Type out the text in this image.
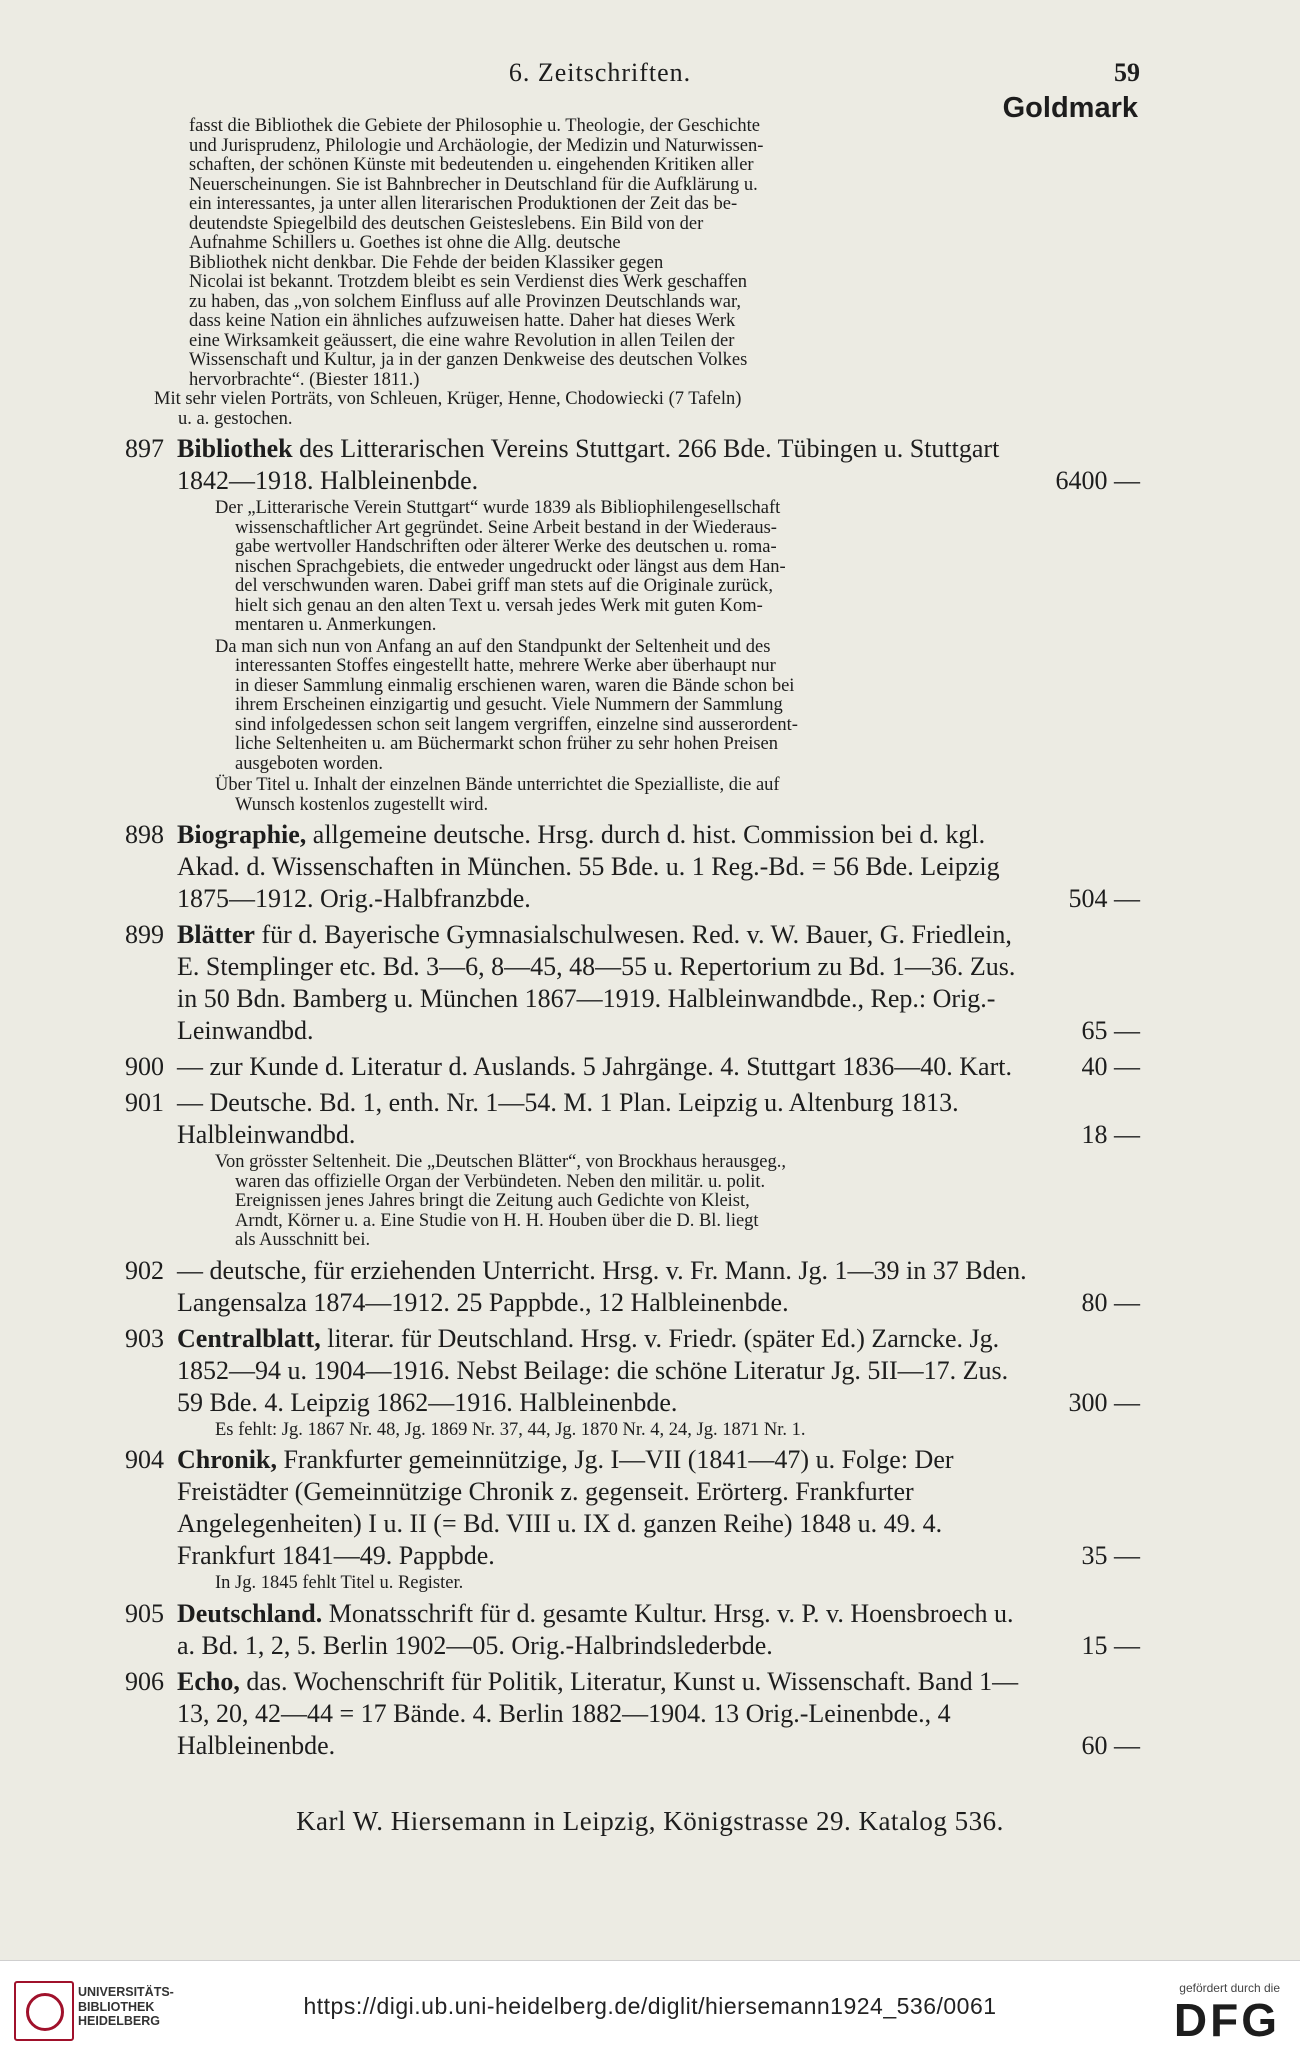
6. Zeitschriften.	59
Goldmark

fasst die Bibliothek die Gebiete der Philosophie u. Theologie, der Geschichte

und Jurisprudenz, Philologie und Archäologie, der Medizin und Naturwissen-

schaften, der schönen Künste mit bedeutenden u. eingehenden Kritiken aller

Neuerscheinungen. Sie ist Bahnbrecher in Deutschland für die Aufklärung u.

ein interessantes, ja unter allen literarischen Produktionen der Zeit das be-

deutendste Spiegelbild des deutschen Geisteslebens. Ein Bild von der

Aufnahme Schillers u. Goethes ist ohne die Allg. deutsche

Bibliothek nicht denkbar. Die Fehde der beiden Klassiker gegen

Nicolai ist bekannt. Trotzdem bleibt es sein Verdienst dies Werk geschaffen

zu haben, das „von solchem Einfluss auf alle Provinzen Deutschlands war,

dass keine Nation ein ähnliches aufzuweisen hatte. Daher hat dieses Werk

eine Wirksamkeit geäussert, die eine wahre Revolution in allen Teilen der

Wissenschaft und Kultur, ja in der ganzen Denkweise des deutschen Volkes

hervorbrachte“. (Biester 1811.)

Mit sehr vielen Porträts, von Schleuen, Krüger, Henne, Chodowiecki (7 Tafeln)

u. a. gestochen.

897 Bibliothek des Litterarischen Vereins Stuttgart. 266 Bde. Tübingen u. Stuttgart 1842—1918. Halbleinenbde.	6400 —

Der „Litterarische Verein Stuttgart“ wurde 1839 als Bibliophilengesellschaft

wissenschaftlicher Art gegründet. Seine Arbeit bestand in der Wiederaus-

gabe wertvoller Handschriften oder älterer Werke des deutschen u. roma-

nischen Sprachgebiets, die entweder ungedruckt oder längst aus dem Han-

del verschwunden waren. Dabei griff man stets auf die Originale zurück,

hielt sich genau an den alten Text u. versah jedes Werk mit guten Kom-

mentaren u. Anmerkungen.

Da man sich nun von Anfang an auf den Standpunkt der Seltenheit und des

interessanten Stoffes eingestellt hatte, mehrere Werke aber überhaupt nur

in dieser Sammlung einmalig erschienen waren, waren die Bände schon bei

ihrem Erscheinen einzigartig und gesucht. Viele Nummern der Sammlung

sind infolgedessen schon seit langem vergriffen, einzelne sind ausserordent-

liche Seltenheiten u. am Büchermarkt schon früher zu sehr hohen Preisen

ausgeboten worden.

Über Titel u. Inhalt der einzelnen Bände unterrichtet die Spezialliste, die auf

Wunsch kostenlos zugestellt wird.

898 Biographie, allgemeine deutsche. Hrsg. durch d. hist. Commission bei d. kgl. Akad. d. Wissenschaften in München. 55 Bde. u. 1 Reg.-Bd. = 56 Bde. Leipzig 1875—1912. Orig.-Halbfranzbde.	504 —
899 Blätter für d. Bayerische Gymnasialschulwesen. Red. v. W. Bauer, G. Friedlein, E. Stemplinger etc. Bd. 3—6, 8—45, 48—55 u. Repertorium zu Bd. 1—36. Zus. in 50 Bdn. Bamberg u. München 1867—1919. Halbleinwandbde., Rep.: Orig.-Leinwandbd.	65 —
900 — zur Kunde d. Literatur d. Auslands. 5 Jahrgänge. 4. Stuttgart 1836—40. Kart.	40 —
901 — Deutsche. Bd. 1, enth. Nr. 1—54. M. 1 Plan. Leipzig u. Altenburg 1813. Halbleinwandbd.	18 —

Von grösster Seltenheit. Die „Deutschen Blätter“, von Brockhaus herausgeg.,

waren das offizielle Organ der Verbündeten. Neben den militär. u. polit.

Ereignissen jenes Jahres bringt die Zeitung auch Gedichte von Kleist,

Arndt, Körner u. a. Eine Studie von H. H. Houben über die D. Bl. liegt

als Ausschnitt bei.

902 — deutsche, für erziehenden Unterricht. Hrsg. v. Fr. Mann. Jg. 1—39 in 37 Bden. Langensalza 1874—1912. 25 Pappbde., 12 Halbleinenbde.	80 —
903 Centralblatt, literar. für Deutschland. Hrsg. v. Friedr. (später Ed.) Zarncke. Jg. 1852—94 u. 1904—1916. Nebst Beilage: die schöne Literatur Jg. 5II—17. Zus. 59 Bde. 4. Leipzig 1862—1916. Halbleinenbde.	300 —

Es fehlt: Jg. 1867 Nr. 48, Jg. 1869 Nr. 37, 44, Jg. 1870 Nr. 4, 24, Jg. 1871 Nr. 1.

904 Chronik, Frankfurter gemeinnützige, Jg. I—VII (1841—47) u. Folge: Der Freistädter (Gemeinnützige Chronik z. gegenseit. Erörterg. Frankfurter Angelegenheiten) I u. II (= Bd. VIII u. IX d. ganzen Reihe) 1848 u. 49. 4. Frankfurt 1841—49. Pappbde.	35 —

In Jg. 1845 fehlt Titel u. Register.

905 Deutschland. Monatsschrift für d. gesamte Kultur. Hrsg. v. P. v. Hoensbroech u. a. Bd. 1, 2, 5. Berlin 1902—05. Orig.-Halbrindslederbde.	15 —
906 Echo, das. Wochenschrift für Politik, Literatur, Kunst u. Wissenschaft. Band 1—13, 20, 42—44 = 17 Bände. 4. Berlin 1882—1904. 13 Orig.-Leinenbde., 4 Halbleinenbde.	60 —
Karl W. Hiersemann in Leipzig, Königstrasse 29. Katalog 536.
UNIVERSITÄTS-
BIBLIOTHEK
HEIDELBERG
https://digi.ub.uni-heidelberg.de/diglit/hiersemann1924_536/0061
gefördert durch die
DFG
